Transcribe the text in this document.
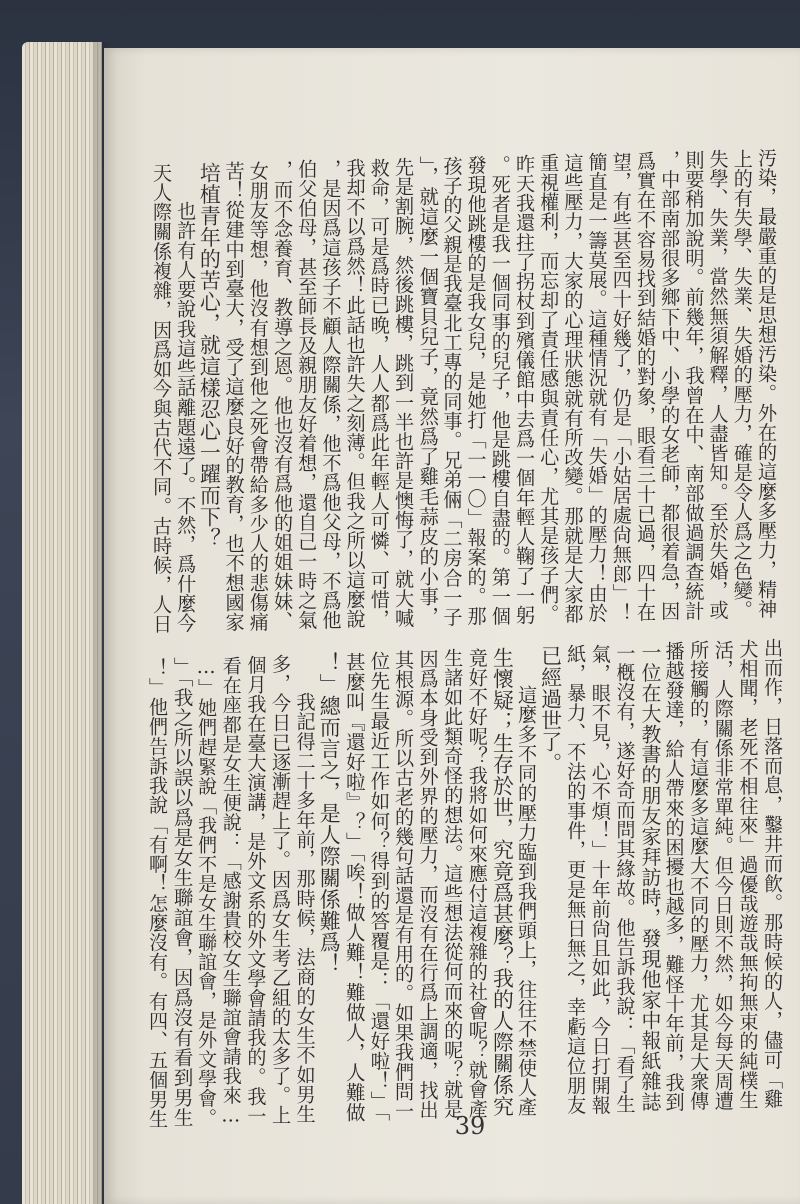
汚染，最嚴重的是思想汚染。外在的這麼多壓力，精神
上的有失學、失業、失婚的壓力，確是令人爲之色變。
失學、失業，當然無須解釋，人盡皆知。至於失婚，或
則要稍加說明。前幾年，我曾在中、南部做過調查統計
，中部南部很多鄉下中、小學的女老師，都很着急，因
爲實在不容易找到結婚的對象，眼看三十已過，四十在
望，有些甚至四十好幾了，仍是「小姑居處尙無郎」！
簡直是一籌莫展。這種情況就有「失婚」的壓力！由於
這些壓力，大家的心理狀態就有所改變。那就是大家都
重視權利，而忘却了責任感與責任心，尤其是孩子們。
昨天我還拄了拐杖到殯儀館中去爲一個年輕人鞠了一躬
。死者是我一個同事的兒子，他是跳樓自盡的。第一個
發現他跳樓的是我女兒，是她打「一一〇」報案的。那
孩子的父親是我臺北工專的同事。兄弟倆「二房合一子
」，就這麼一個寶貝兒子，竟然爲了雞毛蒜皮的小事，
先是割腕，然後跳樓，跳到一半也許是懊悔了，就大喊
救命，可是爲時已晚，人人都爲此年輕人可憐、可惜，
我却不以爲然！此話也許失之刻薄。但我之所以這麼說
，是因爲這孩子不顧人際關係，他不爲他父母，不爲他
伯父伯母，甚至師長及親朋友好着想，還自己一時之氣
，而不念養育、教導之恩。他也沒有爲他的姐姐妹妹、
女朋友等想，他沒有想到他之死會帶給多少人的悲傷痛
苦！從建中到臺大，受了這麼良好的教育，也不想國家
培植青年的苦心，就這樣忍心一躍而下？
　　也許有人要說我這些話離題遠了。不然，爲什麼今
天人際關係複雜，因爲如今與古代不同。古時候，人日
出而作，日落而息，鑿井而飮。那時候的人，儘可「雞
犬相聞，老死不相往來」過優哉遊哉無拘無束的純樸生
活，人際關係非常單純。但今日則不然，如今每天周遭
所接觸的，有這麼多這麼大不同的壓力，尤其是大衆傳
播越發達，給人帶來的困擾也越多，難怪十年前，我到
一位在大教書的朋友家拜訪時，發現他家中報紙雜誌
一槪沒有，遂好奇而問其緣故。他告訴我說：「看了生
氣，眼不見，心不煩！」十年前尙且如此，今日打開報
紙，暴力、不法的事件，更是無日無之，幸虧這位朋友
已經過世了。
　　這麼多不同的壓力臨到我們頭上，往往不禁使人產
生懷疑；生存於世，究竟爲甚麼？我的人際關係究
竟好不好呢？我將如何來應付這複雜的社會呢？就會產
生諸如此類奇怪的想法。這些想法從何而來的呢？就是
因爲本身受到外界的壓力，而沒有在行爲上調適，找出
其根源。所以古老的幾句話還是有用的。如果我們問一
位先生最近工作如何？得到的答覆是：「還好啦！」「
甚麼叫『還好啦』？」「唉！做人難！難做人，人難做
！」總而言之，是人際關係難爲！
　　我記得二十多年前，那時候，法商的女生不如男生
多，今日已逐漸趕上了。因爲女生考乙組的太多了。上
個月我在臺大演講，是外文系的外文學會請我的。我一
看在座都是女生便說：「感謝貴校女生聯誼會請我來…
…」她們趕緊說「我們不是女生聯誼會，是外文學會。
」「我之所以誤以爲是女生聯誼會，因爲沒有看到男生
！」他們告訴我說「有啊！怎麼沒有。有四、五個男生	39
